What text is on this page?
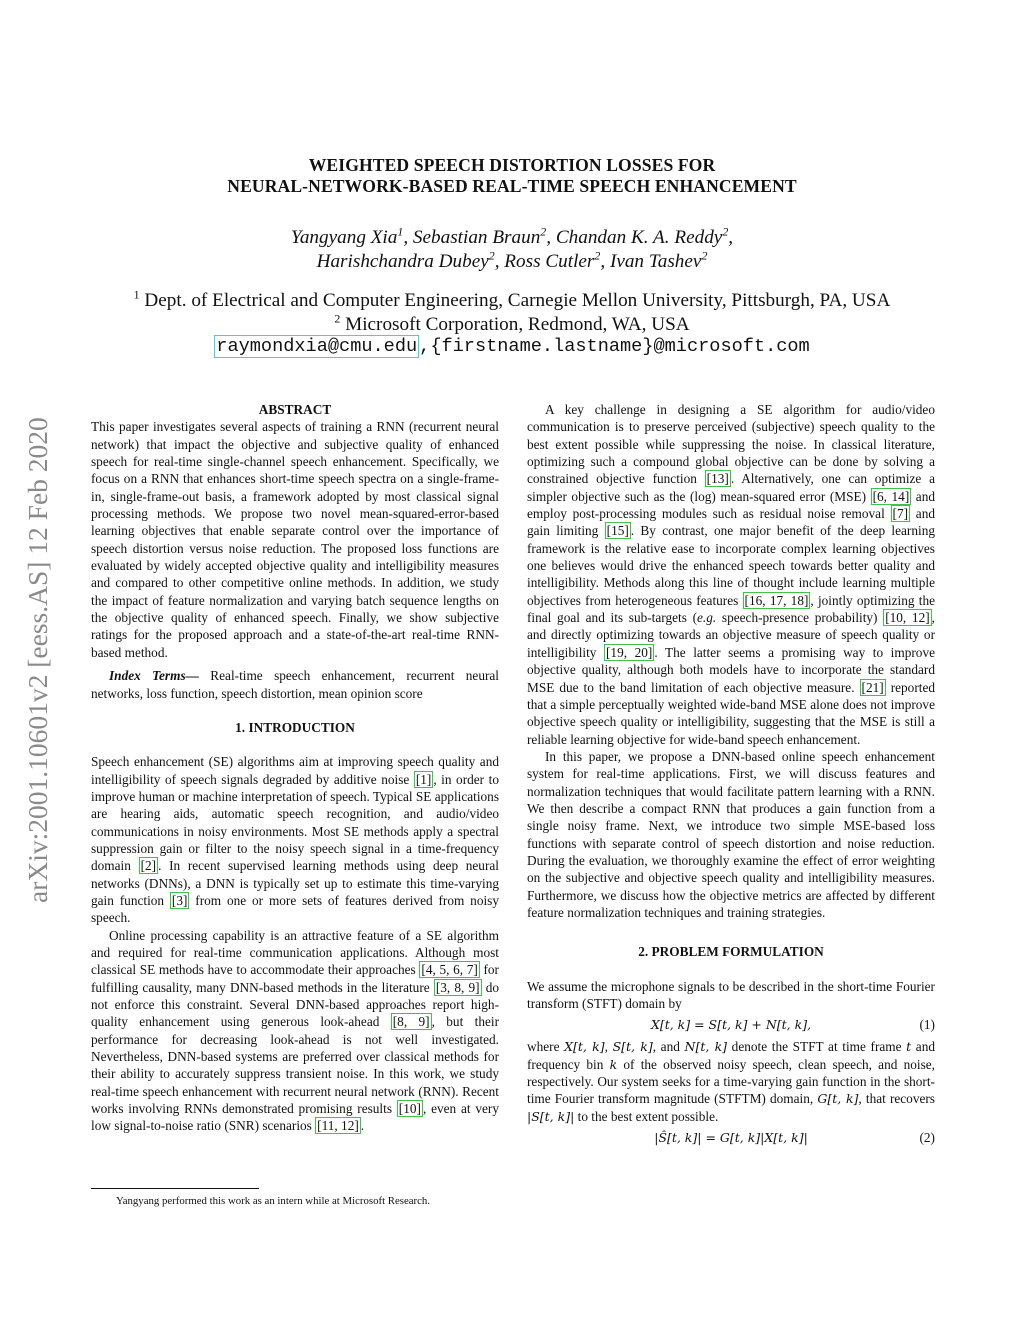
arXiv:2001.10601v2 [eess.AS] 12 Feb 2020
WEIGHTED SPEECH DISTORTION LOSSES FOR
NEURAL-NETWORK-BASED REAL-TIME SPEECH ENHANCEMENT
Yangyang Xia$^1$, Sebastian Braun$^2$, Chandan K. A. Reddy$^2$,
Harishchandra Dubey$^2$, Ross Cutler$^2$, Ivan Tashev$^2$
$^1$ Dept. of Electrical and Computer Engineering, Carnegie Mellon University, Pittsburgh, PA, USA
$^2$ Microsoft Corporation, Redmond, WA, USA
raymondxia@cmu.edu ,{firstname.lastname}@microsoft.com
ABSTRACT

This paper investigates several aspects of training a RNN (recurrent neural network) that impact the objective and subjective quality of enhanced speech for real-time single-channel speech enhancement. Specifically, we focus on a RNN that enhances short-time speech spectra on a single-frame-in, single-frame-out basis, a framework adopted by most classical signal processing methods. We propose two novel mean-squared-error-based learning objectives that enable separate control over the importance of speech distortion versus noise reduction. The proposed loss functions are evaluated by widely accepted objective quality and intelligibility measures and compared to other competitive online methods. In addition, we study the impact of feature normalization and varying batch sequence lengths on the objective quality of enhanced speech. Finally, we show subjective ratings for the proposed approach and a state-of-the-art real-time RNN-based method.

Index Terms— Real-time speech enhancement, recurrent neural networks, loss function, speech distortion, mean opinion score

1. INTRODUCTION

Speech enhancement (SE) algorithms aim at improving speech quality and intelligibility of speech signals degraded by additive noise [1] , in order to improve human or machine interpretation of speech. Typical SE applications are hearing aids, automatic speech recognition, and audio/video communications in noisy environments. Most SE methods apply a spectral suppression gain or filter to the noisy speech signal in a time-frequency domain [2] . In recent supervised learning methods using deep neural networks (DNNs), a DNN is typically set up to estimate this time-varying gain function [3] from one or more sets of features derived from noisy speech.

Online processing capability is an attractive feature of a SE algorithm and required for real-time communication applications. Although most classical SE methods have to accommodate their approaches [4, 5, 6, 7] for fulfilling causality, many DNN-based methods in the literature [3, 8, 9] do not enforce this constraint. Several DNN-based approaches report high-quality enhancement using generous look-ahead [8, 9] , but their performance for decreasing look-ahead is not well investigated. Nevertheless, DNN-based systems are preferred over classical methods for their ability to accurately suppress transient noise. In this work, we study real-time speech enhancement with recurrent neural network (RNN). Recent works involving RNNs demonstrated promising results [10] , even at very low signal-to-noise ratio (SNR) scenarios [11, 12] .

Yangyang performed this work as an intern while at Microsoft Research.

A key challenge in designing a SE algorithm for audio/video communication is to preserve perceived (subjective) speech quality to the best extent possible while suppressing the noise. In classical literature, optimizing such a compound global objective can be done by solving a constrained objective function [13] . Alternatively, one can optimize a simpler objective such as the (log) mean-squared error (MSE) [6, 14] and employ post-processing modules such as residual noise removal [7] and gain limiting [15] . By contrast, one major benefit of the deep learning framework is the relative ease to incorporate complex learning objectives one believes would drive the enhanced speech towards better quality and intelligibility. Methods along this line of thought include learning multiple objectives from heterogeneous features [16, 17, 18] , jointly optimizing the final goal and its sub-targets (e.g. speech-presence probability) [10, 12] , and directly optimizing towards an objective measure of speech quality or intelligibility [19, 20] . The latter seems a promising way to improve objective quality, although both models have to incorporate the standard MSE due to the band limitation of each objective measure. [21] reported that a simple perceptually weighted wide-band MSE alone does not improve objective speech quality or intelligibility, suggesting that the MSE is still a reliable learning objective for wide-band speech enhancement.

In this paper, we propose a DNN-based online speech enhancement system for real-time applications. First, we will discuss features and normalization techniques that would facilitate pattern learning with a RNN. We then describe a compact RNN that produces a gain function from a single noisy frame. Next, we introduce two simple MSE-based loss functions with separate control of speech distortion and noise reduction. During the evaluation, we thoroughly examine the effect of error weighting on the subjective and objective speech quality and intelligibility measures. Furthermore, we discuss how the objective metrics are affected by different feature normalization techniques and training strategies.

2. PROBLEM FORMULATION

We assume the microphone signals to be described in the short-time Fourier transform (STFT) domain by

X[t, k] = S[t, k] + N[t, k],	(1)

where X[t, k], S[t, k], and N[t, k] denote the STFT at time frame t and frequency bin k of the observed noisy speech, clean speech, and noise, respectively. Our system seeks for a time-varying gain function in the short-time Fourier transform magnitude (STFTM) domain, G[t, k], that recovers |S[t, k]| to the best extent possible.

|Ŝ[t, k]| = G[t, k]|X[t, k]|	(2)
